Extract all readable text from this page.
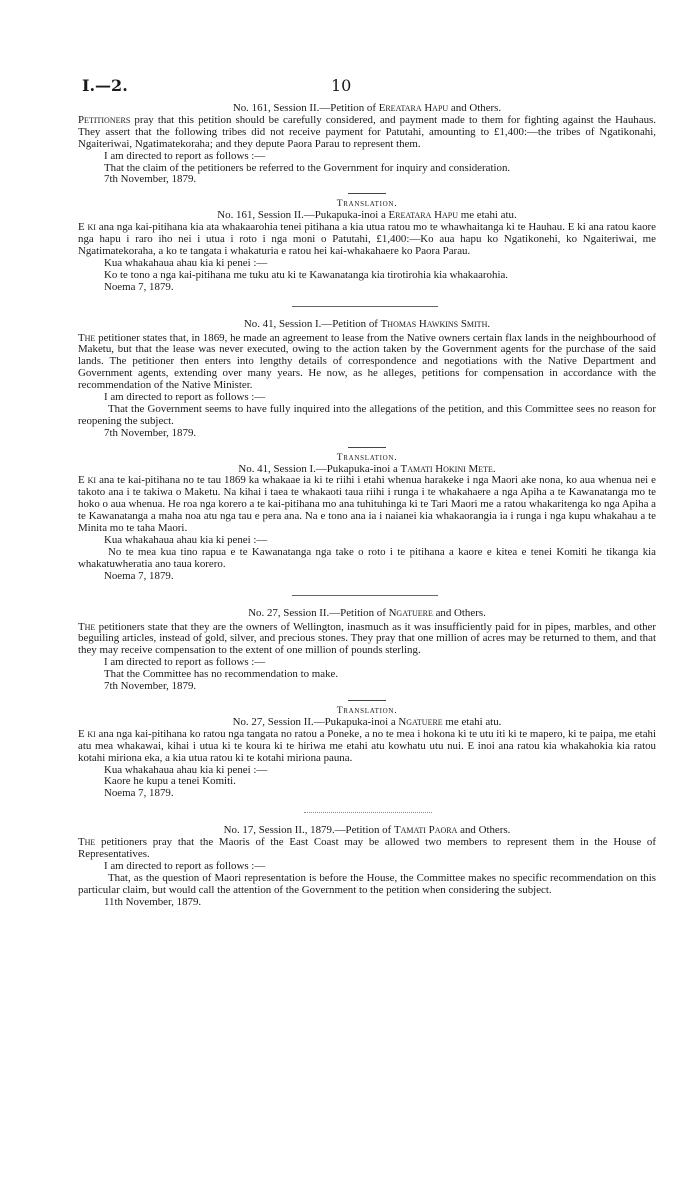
I.—2.	10
No. 161, Session II.—Petition of Ereatara Hapu and Others.

Petitioners pray that this petition should be carefully considered, and payment made to them for fighting against the Hauhaus. They assert that the following tribes did not receive payment for Patutahi, amounting to £1,400:—the tribes of Ngatikonahi, Ngaiteriwai, Ngatimatekoraha; and they depute Paora Parau to represent them.

I am directed to report as follows :—

That the claim of the petitioners be referred to the Government for inquiry and consideration.

7th November, 1879.
Translation.
No. 161, Session II.—Pukapuka-inoi a Ereatara Hapu me etahi atu.

E ki ana nga kai-pitihana kia ata whakaarohia tenei pitihana a kia utua ratou mo te whawhaitanga ki te Hauhau. E ki ana ratou kaore nga hapu i raro iho nei i utua i roto i nga moni o Patutahi, £1,400:—Ko aua hapu ko Ngatikonehi, ko Ngaiteriwai, me Ngatimatekoraha, a ko te tangata i whakaturia e ratou hei kai-whakahaere ko Paora Parau.

Kua whakahaua ahau kia ki penei :—

Ko te tono a nga kai-pitihana me tuku atu ki te Kawanatanga kia tirotirohia kia whakaarohia.

Noema 7, 1879.
No. 41, Session I.—Petition of Thomas Hawkins Smith.

The petitioner states that, in 1869, he made an agreement to lease from the Native owners certain flax lands in the neighbourhood of Maketu, but that the lease was never executed, owing to the action taken by the Government agents for the purchase of the said lands. The petitioner then enters into lengthy details of correspondence and negotiations with the Native Department and Government agents, extending over many years. He now, as he alleges, petitions for compensation in accordance with the recommendation of the Native Minister.

I am directed to report as follows :—

That the Government seems to have fully inquired into the allegations of the petition, and this Committee sees no reason for reopening the subject.

7th November, 1879.
Translation.
No. 41, Session I.—Pukapuka-inoi a Tamati Hokini Mete.

E ki ana te kai-pitihana no te tau 1869 ka whakaae ia ki te riihi i etahi whenua harakeke i nga Maori ake nona, ko aua whenua nei e takoto ana i te takiwa o Maketu. Na kihai i taea te whakaoti taua riihi i runga i te whakahaere a nga Apiha a te Kawanatanga mo te hoko o aua whenua. He roa nga korero a te kai-pitihana mo ana tuhituhinga ki te Tari Maori me a ratou whakaritenga ko nga Apiha a te Kawanatanga a maha noa atu nga tau e pera ana. Na e tono ana ia i naianei kia whakaorangia ia i runga i nga kupu whakahau a te Minita mo te taha Maori.

Kua whakahaua ahau kia ki penei :—

No te mea kua tino rapua e te Kawanatanga nga take o roto i te pitihana a kaore e kitea e tenei Komiti he tikanga kia whakatuwheratia ano taua korero.

Noema 7, 1879.
No. 27, Session II.—Petition of Ngatuere and Others.

The petitioners state that they are the owners of Wellington, inasmuch as it was insufficiently paid for in pipes, marbles, and other beguiling articles, instead of gold, silver, and precious stones. They pray that one million of acres may be returned to them, and that they may receive compensation to the extent of one million of pounds sterling.

I am directed to report as follows :—

That the Committee has no recommendation to make.

7th November, 1879.
Translation.
No. 27, Session II.—Pukapuka-inoi a Ngatuere me etahi atu.

E ki ana nga kai-pitihana ko ratou nga tangata no ratou a Poneke, a no te mea i hokona ki te utu iti ki te mapero, ki te paipa, me etahi atu mea whakawai, kihai i utua ki te koura ki te hiriwa me etahi atu kowhatu utu nui. E inoi ana ratou kia whakahokia kia ratou kotahi miriona eka, a kia utua ratou ki te kotahi miriona pauna.

Kua whakahaua ahau kia ki penei :—

Kaore he kupu a tenei Komiti.

Noema 7, 1879.
No. 17, Session II., 1879.—Petition of Tamati Paora and Others.

The petitioners pray that the Maoris of the East Coast may be allowed two members to represent them in the House of Representatives.

I am directed to report as follows :—

That, as the question of Maori representation is before the House, the Committee makes no specific recommendation on this particular claim, but would call the attention of the Government to the petition when considering the subject.

11th November, 1879.
